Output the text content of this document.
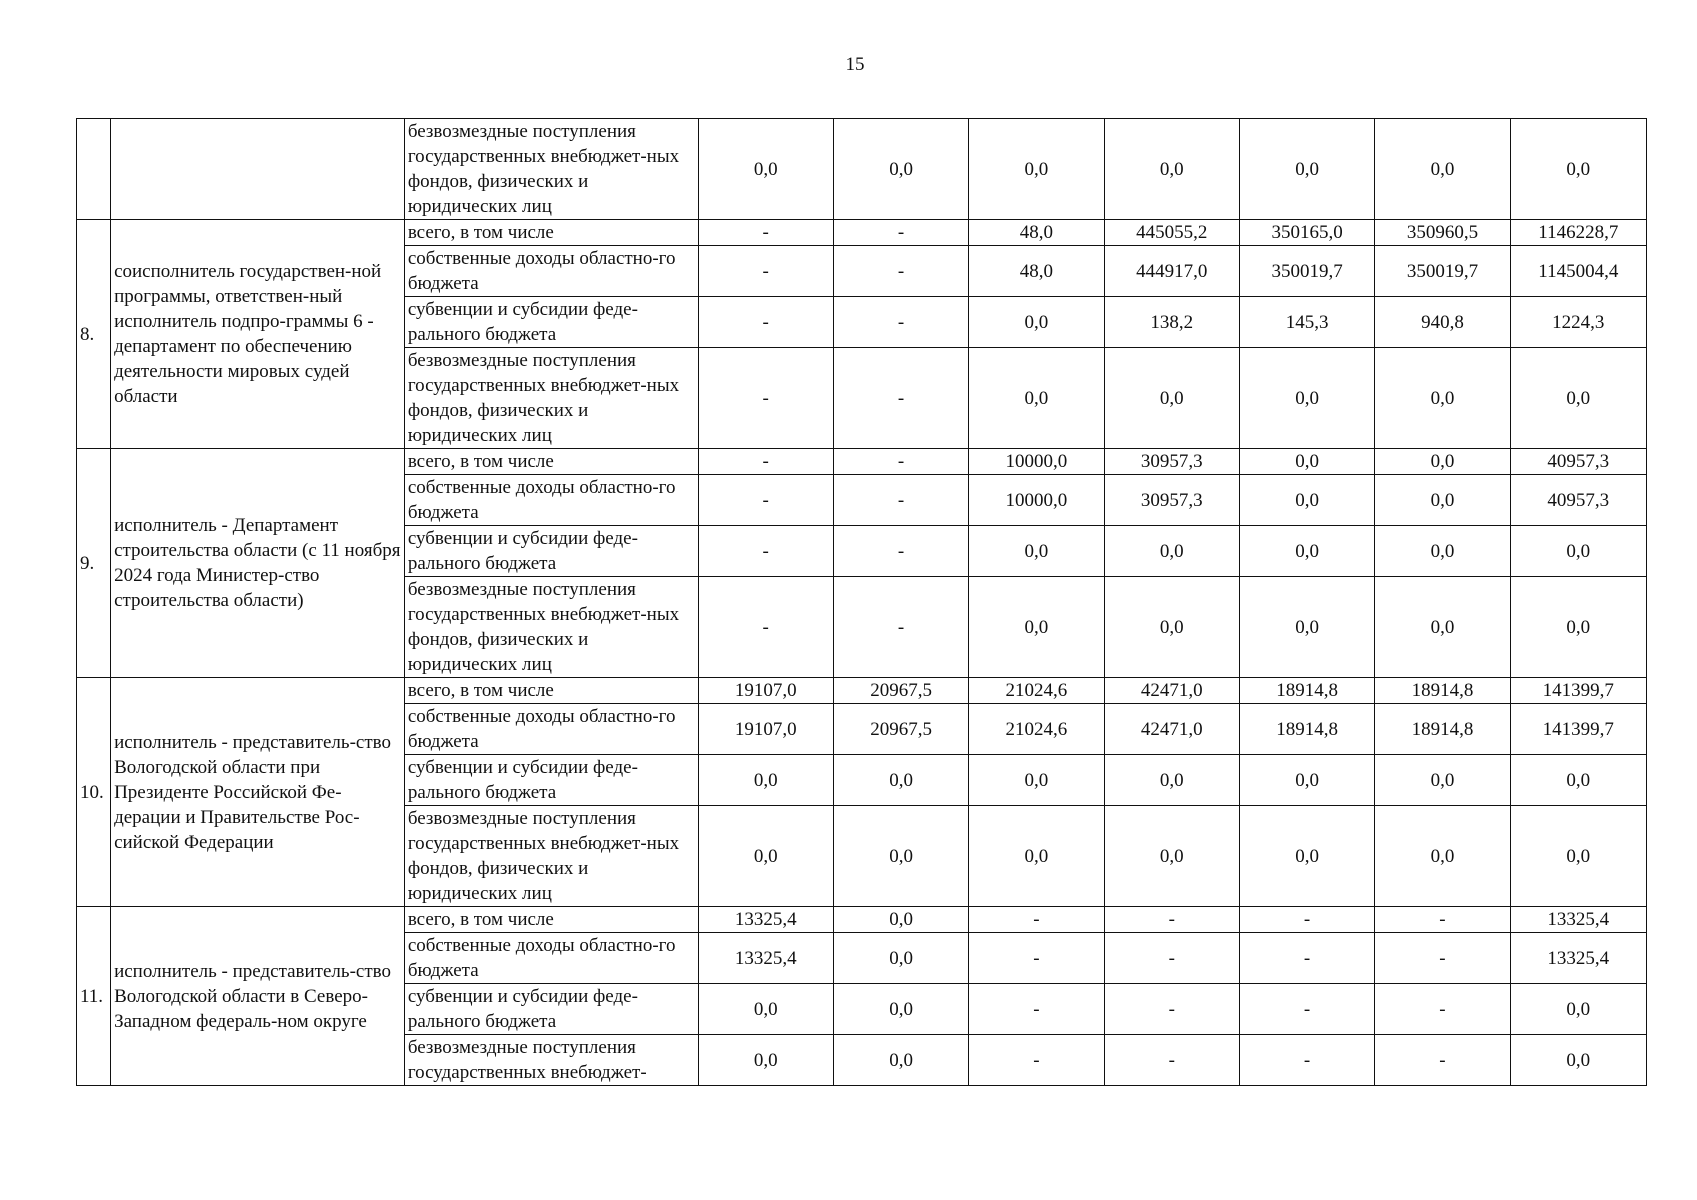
15
		безвозмездные поступления государственных внебюджет-ных фондов, физических и юридических лиц	0,0	0,0	0,0	0,0	0,0	0,0	0,0
8.	соисполнитель государствен-ной программы, ответствен-ный исполнитель подпро-граммы 6 - департамент по обеспечению деятельности мировых судей области	всего, в том числе	-	-	48,0	445055,2	350165,0	350960,5	1146228,7
		собственные доходы областно-го бюджета	-	-	48,0	444917,0	350019,7	350019,7	1145004,4
		субвенции и субсидии феде-рального бюджета	-	-	0,0	138,2	145,3	940,8	1224,3
		безвозмездные поступления государственных внебюджет-ных фондов, физических и юридических лиц	-	-	0,0	0,0	0,0	0,0	0,0
9.	исполнитель - Департамент строительства области (с 11 ноября 2024 года Министер-ство строительства области)	всего, в том числе	-	-	10000,0	30957,3	0,0	0,0	40957,3
		собственные доходы областно-го бюджета	-	-	10000,0	30957,3	0,0	0,0	40957,3
		субвенции и субсидии феде-рального бюджета	-	-	0,0	0,0	0,0	0,0	0,0
		безвозмездные поступления государственных внебюджет-ных фондов, физических и юридических лиц	-	-	0,0	0,0	0,0	0,0	0,0
10.	исполнитель - представитель-ство Вологодской области при Президенте Российской Фе-дерации и Правительстве Рос-сийской Федерации	всего, в том числе	19107,0	20967,5	21024,6	42471,0	18914,8	18914,8	141399,7
		собственные доходы областно-го бюджета	19107,0	20967,5	21024,6	42471,0	18914,8	18914,8	141399,7
		субвенции и субсидии феде-рального бюджета	0,0	0,0	0,0	0,0	0,0	0,0	0,0
		безвозмездные поступления государственных внебюджет-ных фондов, физических и юридических лиц	0,0	0,0	0,0	0,0	0,0	0,0	0,0
11.	исполнитель - представитель-ство Вологодской области в Северо-Западном федераль-ном округе	всего, в том числе	13325,4	0,0	-	-	-	-	13325,4
		собственные доходы областно-го бюджета	13325,4	0,0	-	-	-	-	13325,4
		субвенции и субсидии феде-рального бюджета	0,0	0,0	-	-	-	-	0,0
		безвозмездные поступления государственных внебюджет-	0,0	0,0	-	-	-	-	0,0
